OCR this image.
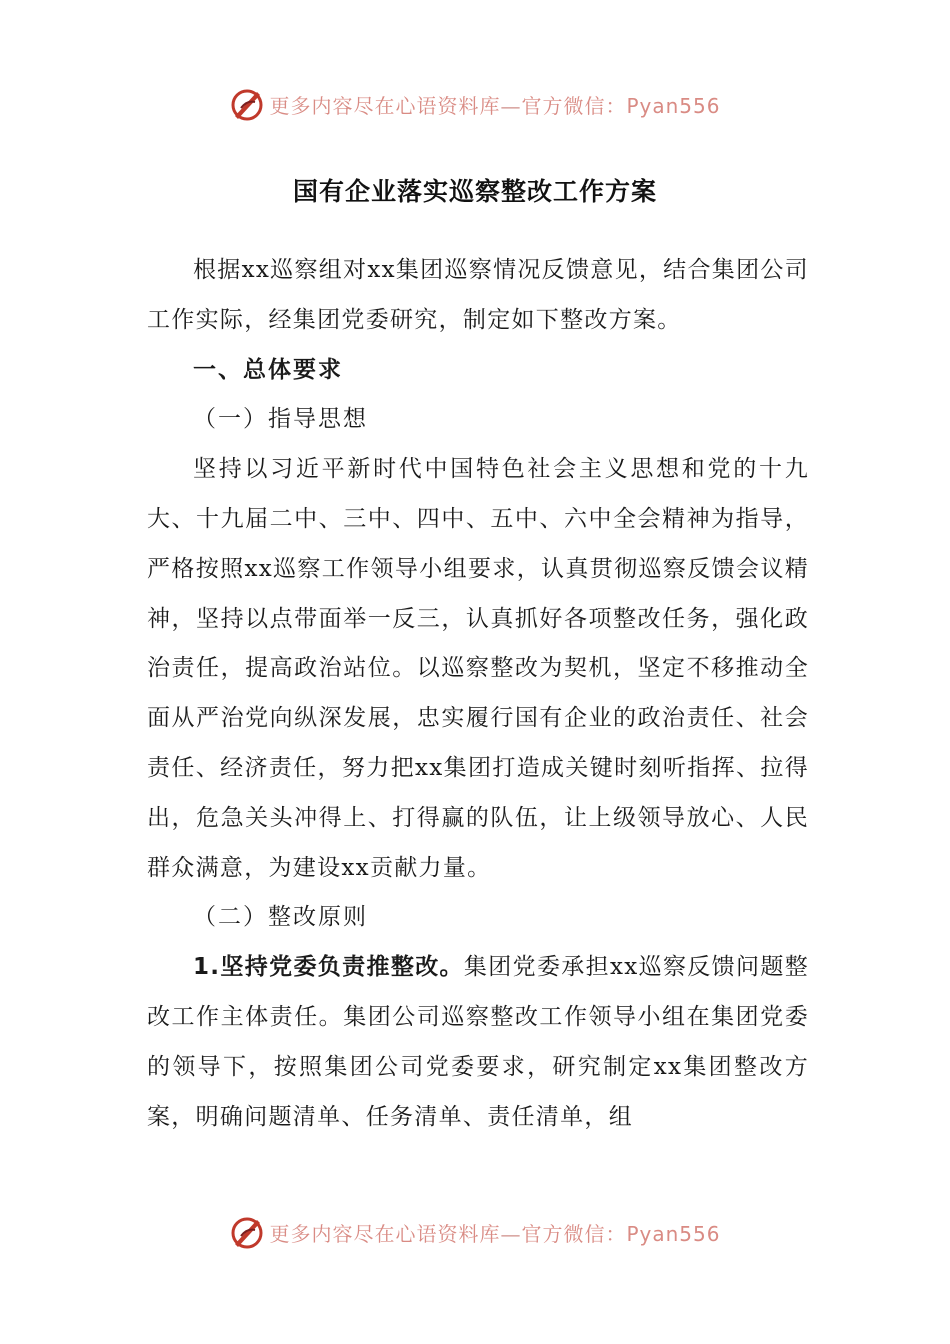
更多内容尽在心语资料库—官方微信：Pyan556
国有企业落实巡察整改工作方案

根据xx巡察组对xx集团巡察情况反馈意见，结合集团公司工作实际，经集团党委研究，制定如下整改方案。

一、总体要求

（一）指导思想

坚持以习近平新时代中国特色社会主义思想和党的十九大、十九届二中、三中、四中、五中、六中全会精神为指导，严格按照xx巡察工作领导小组要求，认真贯彻巡察反馈会议精神，坚持以点带面举一反三，认真抓好各项整改任务，强化政治责任，提高政治站位。以巡察整改为契机，坚定不移推动全面从严治党向纵深发展，忠实履行国有企业的政治责任、社会责任、经济责任，努力把xx集团打造成关键时刻听指挥、拉得出，危急关头冲得上、打得赢的队伍，让上级领导放心、人民群众满意，为建设xx贡献力量。

（二）整改原则

1.坚持党委负责推整改。集团党委承担xx巡察反馈问题整改工作主体责任。集团公司巡察整改工作领导小组在集团党委的领导下，按照集团公司党委要求，研究制定xx集团整改方案，明确问题清单、任务清单、责任清单，组

更多内容尽在心语资料库—官方微信：Pyan556
